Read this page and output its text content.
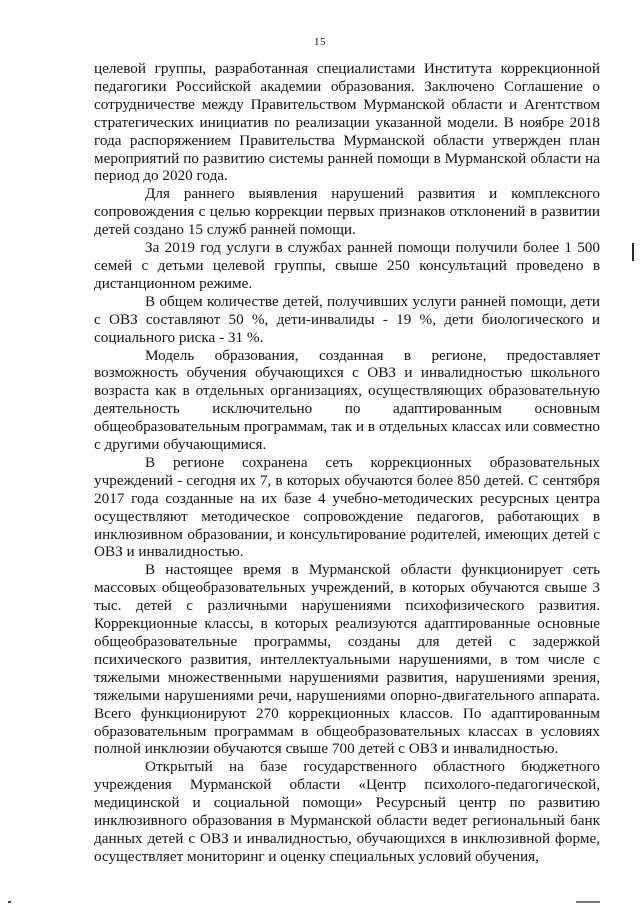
15

целевой группы, разработанная специалистами Института коррекционной педагогики Российской академии образования. Заключено Соглашение о сотрудничестве между Правительством Мурманской области и Агентством стратегических инициатив по реализации указанной модели. В ноябре 2018 года распоряжением Правительства Мурманской области утвержден план мероприятий по развитию системы ранней помощи в Мурманской области на период до 2020 года.

Для раннего выявления нарушений развития и комплексного сопровождения с целью коррекции первых признаков отклонений в развитии детей создано 15 служб ранней помощи.

За 2019 год услуги в службах ранней помощи получили более 1 500 семей с детьми целевой группы, свыше 250 консультаций проведено в дистанционном режиме.

В общем количестве детей, получивших услуги ранней помощи, дети с ОВЗ составляют 50 %, дети-инвалиды - 19 %, дети биологического и социального риска - 31 %.

Модель образования, созданная в регионе, предоставляет возможность обучения обучающихся с ОВЗ и инвалидностью школьного возраста как в отдельных организациях, осуществляющих образовательную деятельность исключительно по адаптированным основным общеобразовательным программам, так и в отдельных классах или совместно с другими обучающимися.

В регионе сохранена сеть коррекционных образовательных учреждений - сегодня их 7, в которых обучаются более 850 детей. С сентября 2017 года созданные на их базе 4 учебно-методических ресурсных центра осуществляют методическое сопровождение педагогов, работающих в инклюзивном образовании, и консультирование родителей, имеющих детей с ОВЗ и инвалидностью.

В настоящее время в Мурманской области функционирует сеть массовых общеобразовательных учреждений, в которых обучаются свыше 3 тыс. детей с различными нарушениями психофизического развития. Коррекционные классы, в которых реализуются адаптированные основные общеобразовательные программы, созданы для детей с задержкой психического развития, интеллектуальными нарушениями, в том числе с тяжелыми множественными нарушениями развития, нарушениями зрения, тяжелыми нарушениями речи, нарушениями опорно-двигательного аппарата. Всего функционируют 270 коррекционных классов. По адаптированным образовательным программам в общеобразовательных классах в условиях полной инклюзии обучаются свыше 700 детей с ОВЗ и инвалидностью.

Открытый на базе государственного областного бюджетного учреждения Мурманской области «Центр психолого-педагогической, медицинской и социальной помощи» Ресурсный центр по развитию инклюзивного образования в Мурманской области ведет региональный банк данных детей с ОВЗ и инвалидностью, обучающихся в инклюзивной форме, осуществляет мониторинг и оценку специальных условий обучения,
